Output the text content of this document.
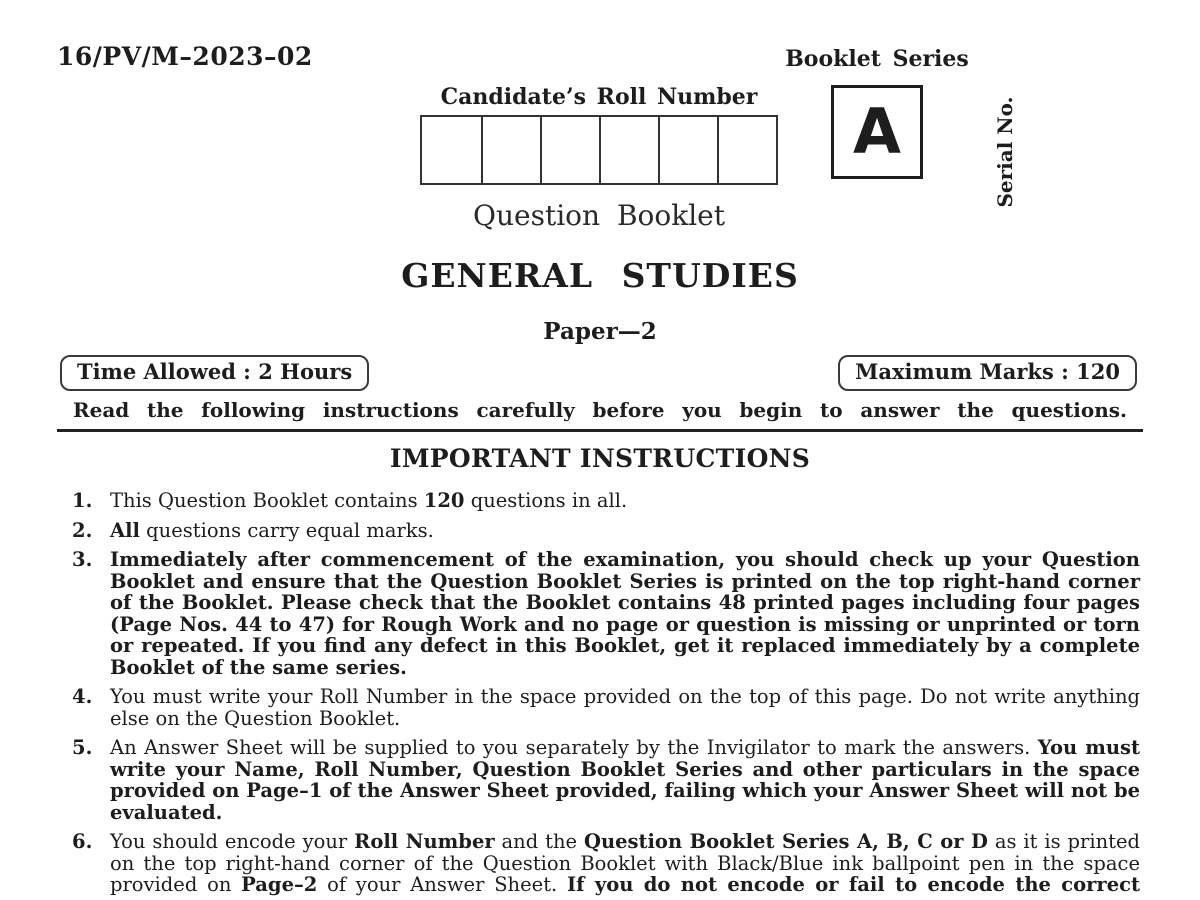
16/PV/M–2023–02
Candidate’s Roll Number
Question Booklet
Booklet Series
A	Serial No.
GENERAL STUDIES
Paper—2
Time Allowed : 2 Hours	Maximum Marks : 120
Read the following instructions carefully before you begin to answer the questions.
IMPORTANT INSTRUCTIONS
1. This Question Booklet contains 120 questions in all.
2. All questions carry equal marks.
3. Immediately after commencement of the examination, you should check up your Question Booklet and ensure that the Question Booklet Series is printed on the top right-hand corner of the Booklet. Please check that the Booklet contains 48 printed pages including four pages (Page Nos. 44 to 47) for Rough Work and no page or question is missing or unprinted or torn or repeated. If you find any defect in this Booklet, get it replaced immediately by a complete Booklet of the same series.
4. You must write your Roll Number in the space provided on the top of this page. Do not write anything else on the Question Booklet.
5. An Answer Sheet will be supplied to you separately by the Invigilator to mark the answers. You must write your Name, Roll Number, Question Booklet Series and other particulars in the space provided on Page–1 of the Answer Sheet provided, failing which your Answer Sheet will not be evaluated.
6. You should encode your Roll Number and the Question Booklet Series A, B, C or D as it is printed on the top right-hand corner of the Question Booklet with Black/Blue ink ballpoint pen in the space provided on Page–2 of your Answer Sheet. If you do not encode or fail to encode the correct
